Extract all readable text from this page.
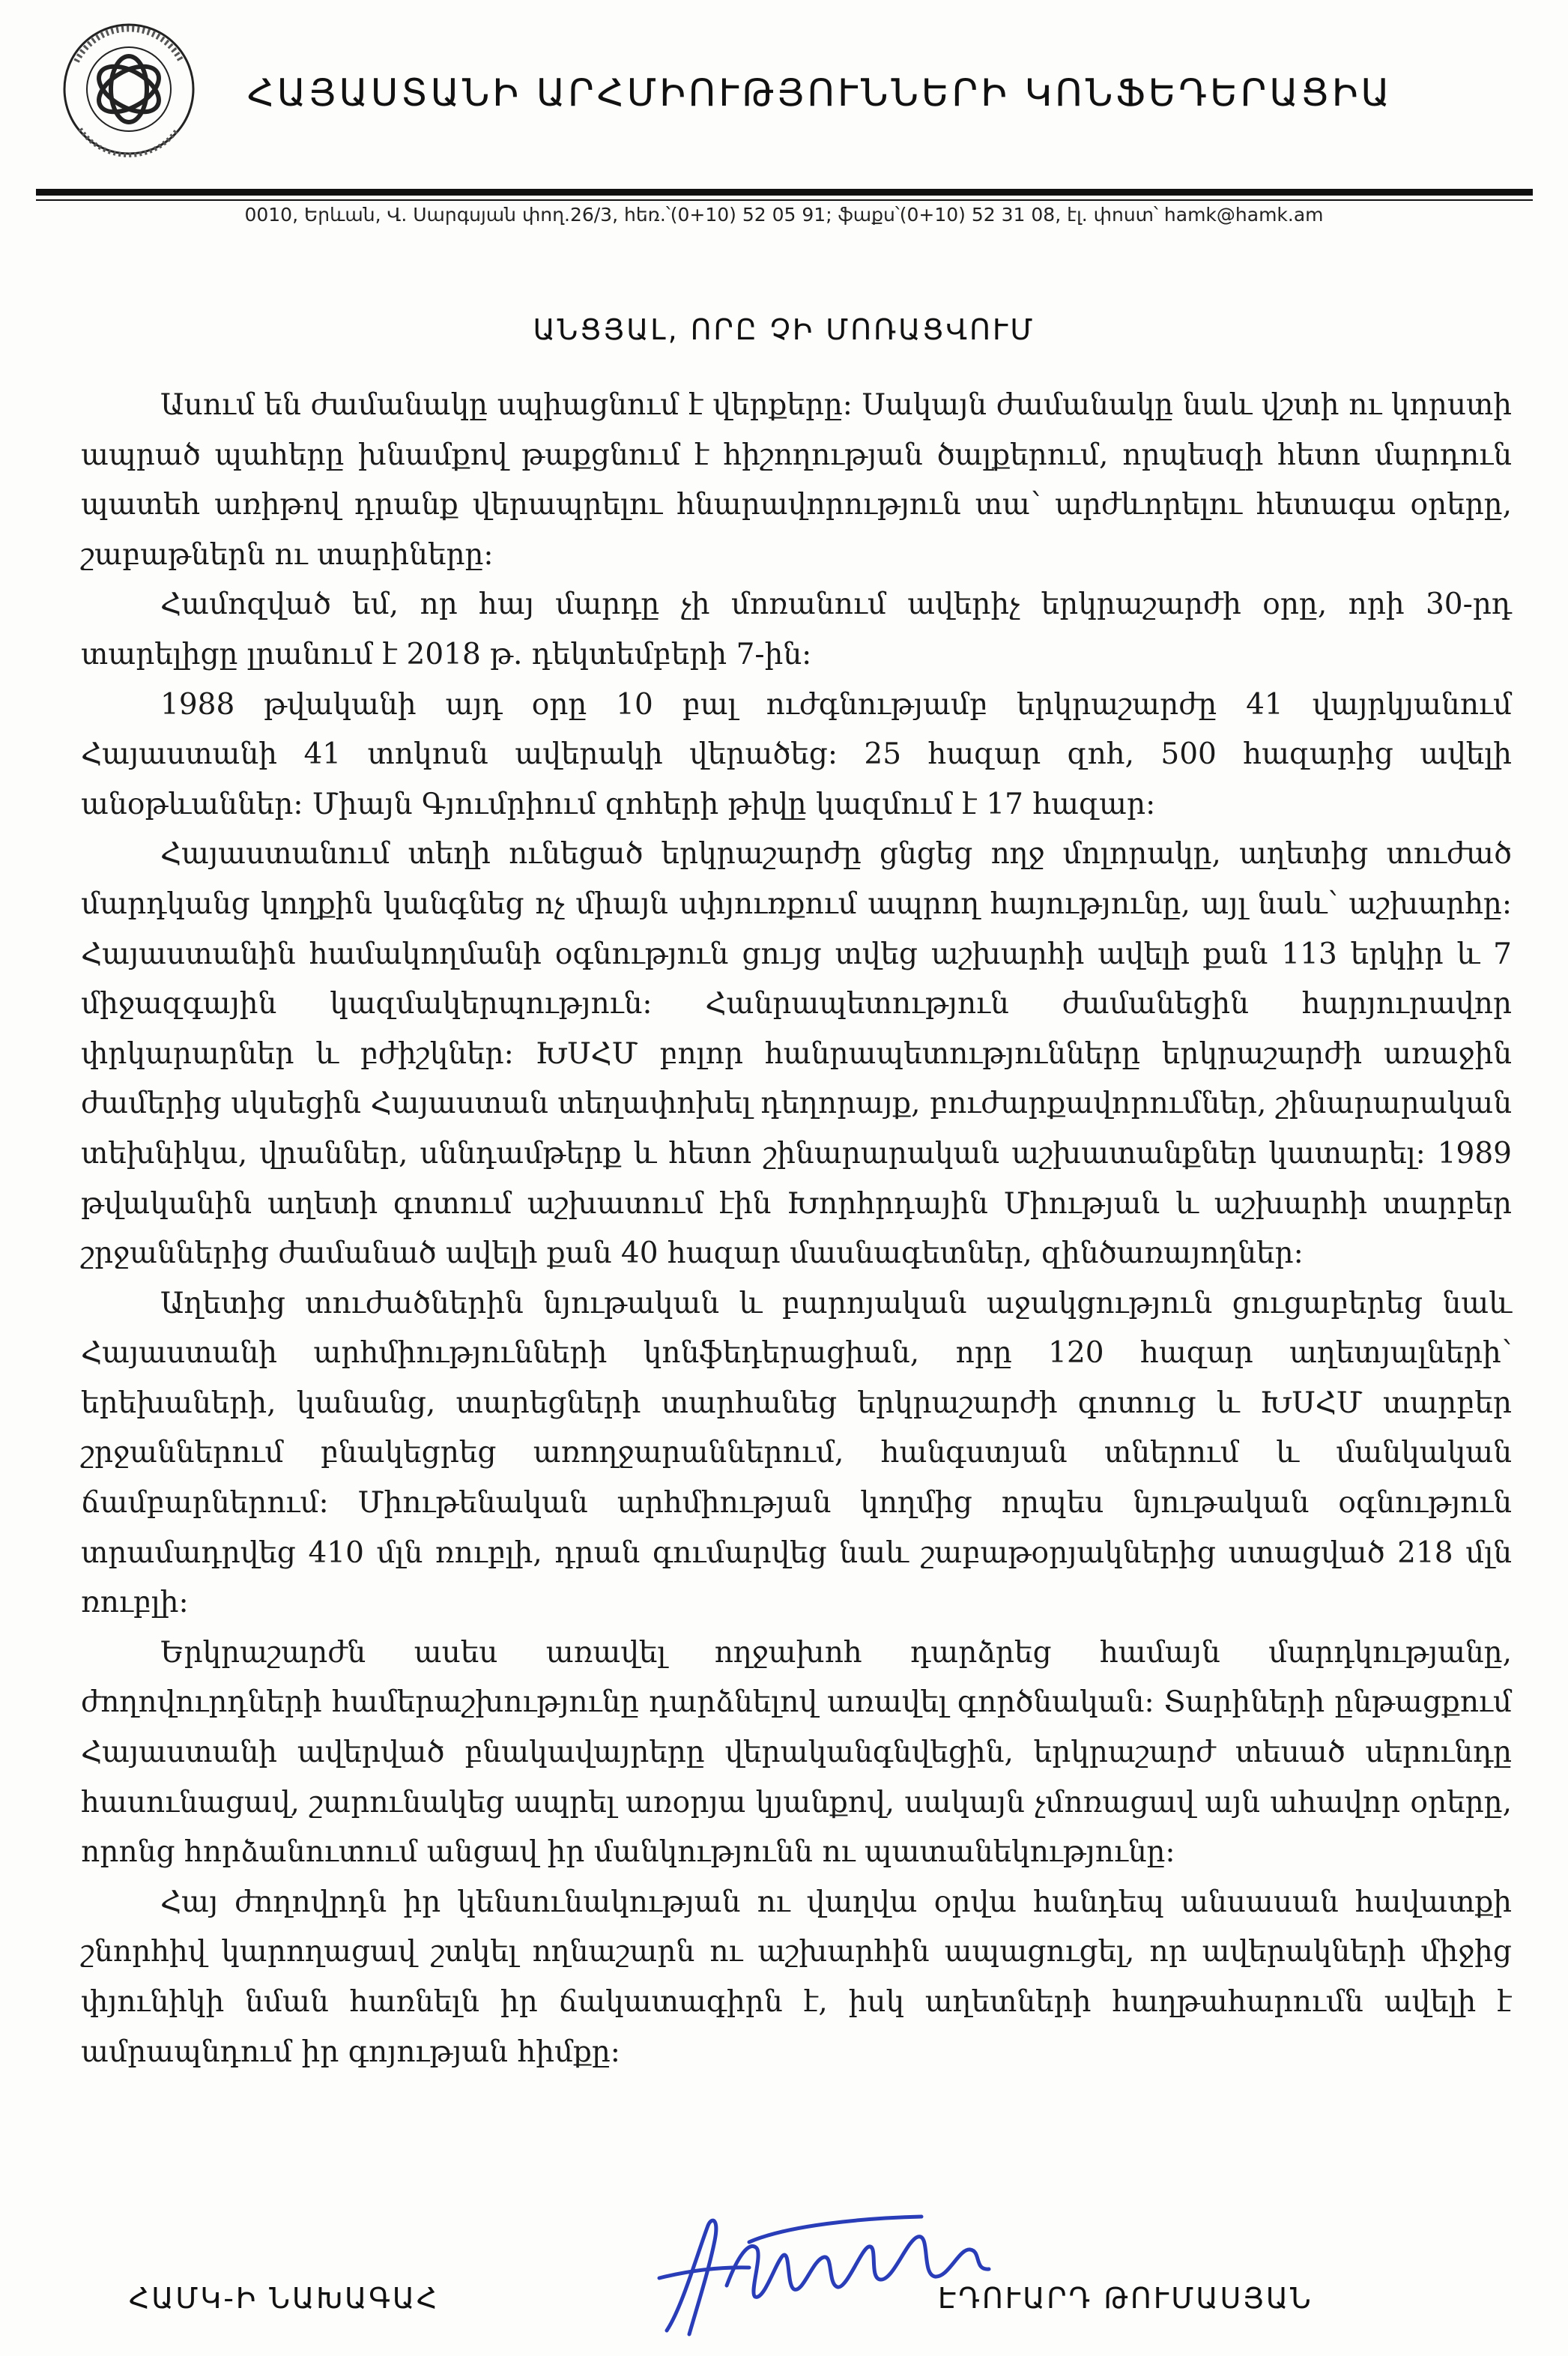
ՀԱՅԱՍՏԱՆԻ ԱՐՀՄԻՈՒԹՅՈՒՆՆԵՐԻ ԿՈՆՖԵԴԵՐԱՑԻԱ
0010, Երևան, Վ. Սարգսյան փող.26/3, հեռ.՝(0+10) 52 05 91; ֆաքս՝(0+10) 52 31 08, էլ. փոստ՝ hamk@hamk.am
ԱՆՑՅԱԼ, ՈՐԸ ՉԻ ՄՈՌԱՑՎՈՒՄ

Ասում են ժամանակը սպիացնում է վերքերը: Սակայն ժամանակը նաև վշտի ու կորստի ապրած պահերը խնամքով թաքցնում է հիշողության ծալքերում, որպեսզի հետո մարդուն պատեհ առիթով դրանք վերապրելու հնարավորություն տա՝ արժևորելու հետագա օրերը, շաբաթներն ու տարիները:

Համոզված եմ, որ հայ մարդը չի մոռանում ավերիչ երկրաշարժի օրը, որի 30-րդ տարելիցը լրանում է 2018 թ. դեկտեմբերի 7-ին:

1988 թվականի այդ օրը 10 բալ ուժգնությամբ երկրաշարժը 41 վայրկյանում Հայաստանի 41 տոկոսն ավերակի վերածեց: 25 հազար զոհ, 500 հազարից ավելի անօթևաններ: Միայն Գյումրիում զոհերի թիվը կազմում է 17 հազար:

Հայաստանում տեղի ունեցած երկրաշարժը ցնցեց ողջ մոլորակը, աղետից տուժած մարդկանց կողքին կանգնեց ոչ միայն սփյուռքում ապրող հայությունը, այլ նաև՝ աշխարհը: Հայաստանին համակողմանի օգնություն ցույց տվեց աշխարհի ավելի քան 113 երկիր և 7 միջազգային կազմակերպություն: Հանրապետություն ժամանեցին հարյուրավոր փրկարարներ և բժիշկներ: ԽՍՀՄ բոլոր հանրապետությունները երկրաշարժի առաջին ժամերից սկսեցին Հայաստան տեղափոխել դեղորայք, բուժարքավորումներ, շինարարական տեխնիկա, վրաններ, սննդամթերք և հետո շինարարական աշխատանքներ կատարել: 1989 թվականին աղետի գոտում աշխատում էին Խորհրդային Միության և աշխարհի տարբեր շրջաններից ժամանած ավելի քան 40 հազար մասնագետներ, զինծառայողներ:

Աղետից տուժածներին նյութական և բարոյական աջակցություն ցուցաբերեց նաև Հայաստանի արհմիությունների կոնֆեդերացիան, որը 120 հազար աղետյալների՝ երեխաների, կանանց, տարեցների տարհանեց երկրաշարժի գոտուց և ԽՍՀՄ տարբեր շրջաններում բնակեցրեց առողջարաններում, հանգստյան տներում և մանկական ճամբարներում: Միութենական արհմիության կողմից որպես նյութական օգնություն տրամադրվեց 410 մլն ռուբլի, դրան գումարվեց նաև շաբաթօրյակներից ստացված 218 մլն ռուբլի:

Երկրաշարժն ասես առավել ողջախոհ դարձրեց համայն մարդկությանը, ժողովուրդների համերաշխությունը դարձնելով առավել գործնական: Տարիների ընթացքում Հայաստանի ավերված բնակավայրերը վերականգնվեցին, երկրաշարժ տեսած սերունդը հասունացավ, շարունակեց ապրել առօրյա կյանքով, սակայն չմոռացավ այն ահավոր օրերը, որոնց հորձանուտում անցավ իր մանկությունն ու պատանեկությունը:

Հայ ժողովրդն իր կենսունակության ու վաղվա օրվա հանդեպ անսասան հավատքի շնորհիվ կարողացավ շտկել ողնաշարն ու աշխարհին ապացուցել, որ ավերակների միջից փյունիկի նման հառնելն իր ճակատագիրն է, իսկ աղետների հաղթահարումն ավելի է ամրապնդում իր գոյության հիմքը:

ՀԱՄԿ-Ի ՆԱԽԱԳԱՀ	ԷԴՈՒԱՐԴ ԹՈՒՄԱՍՅԱՆ
